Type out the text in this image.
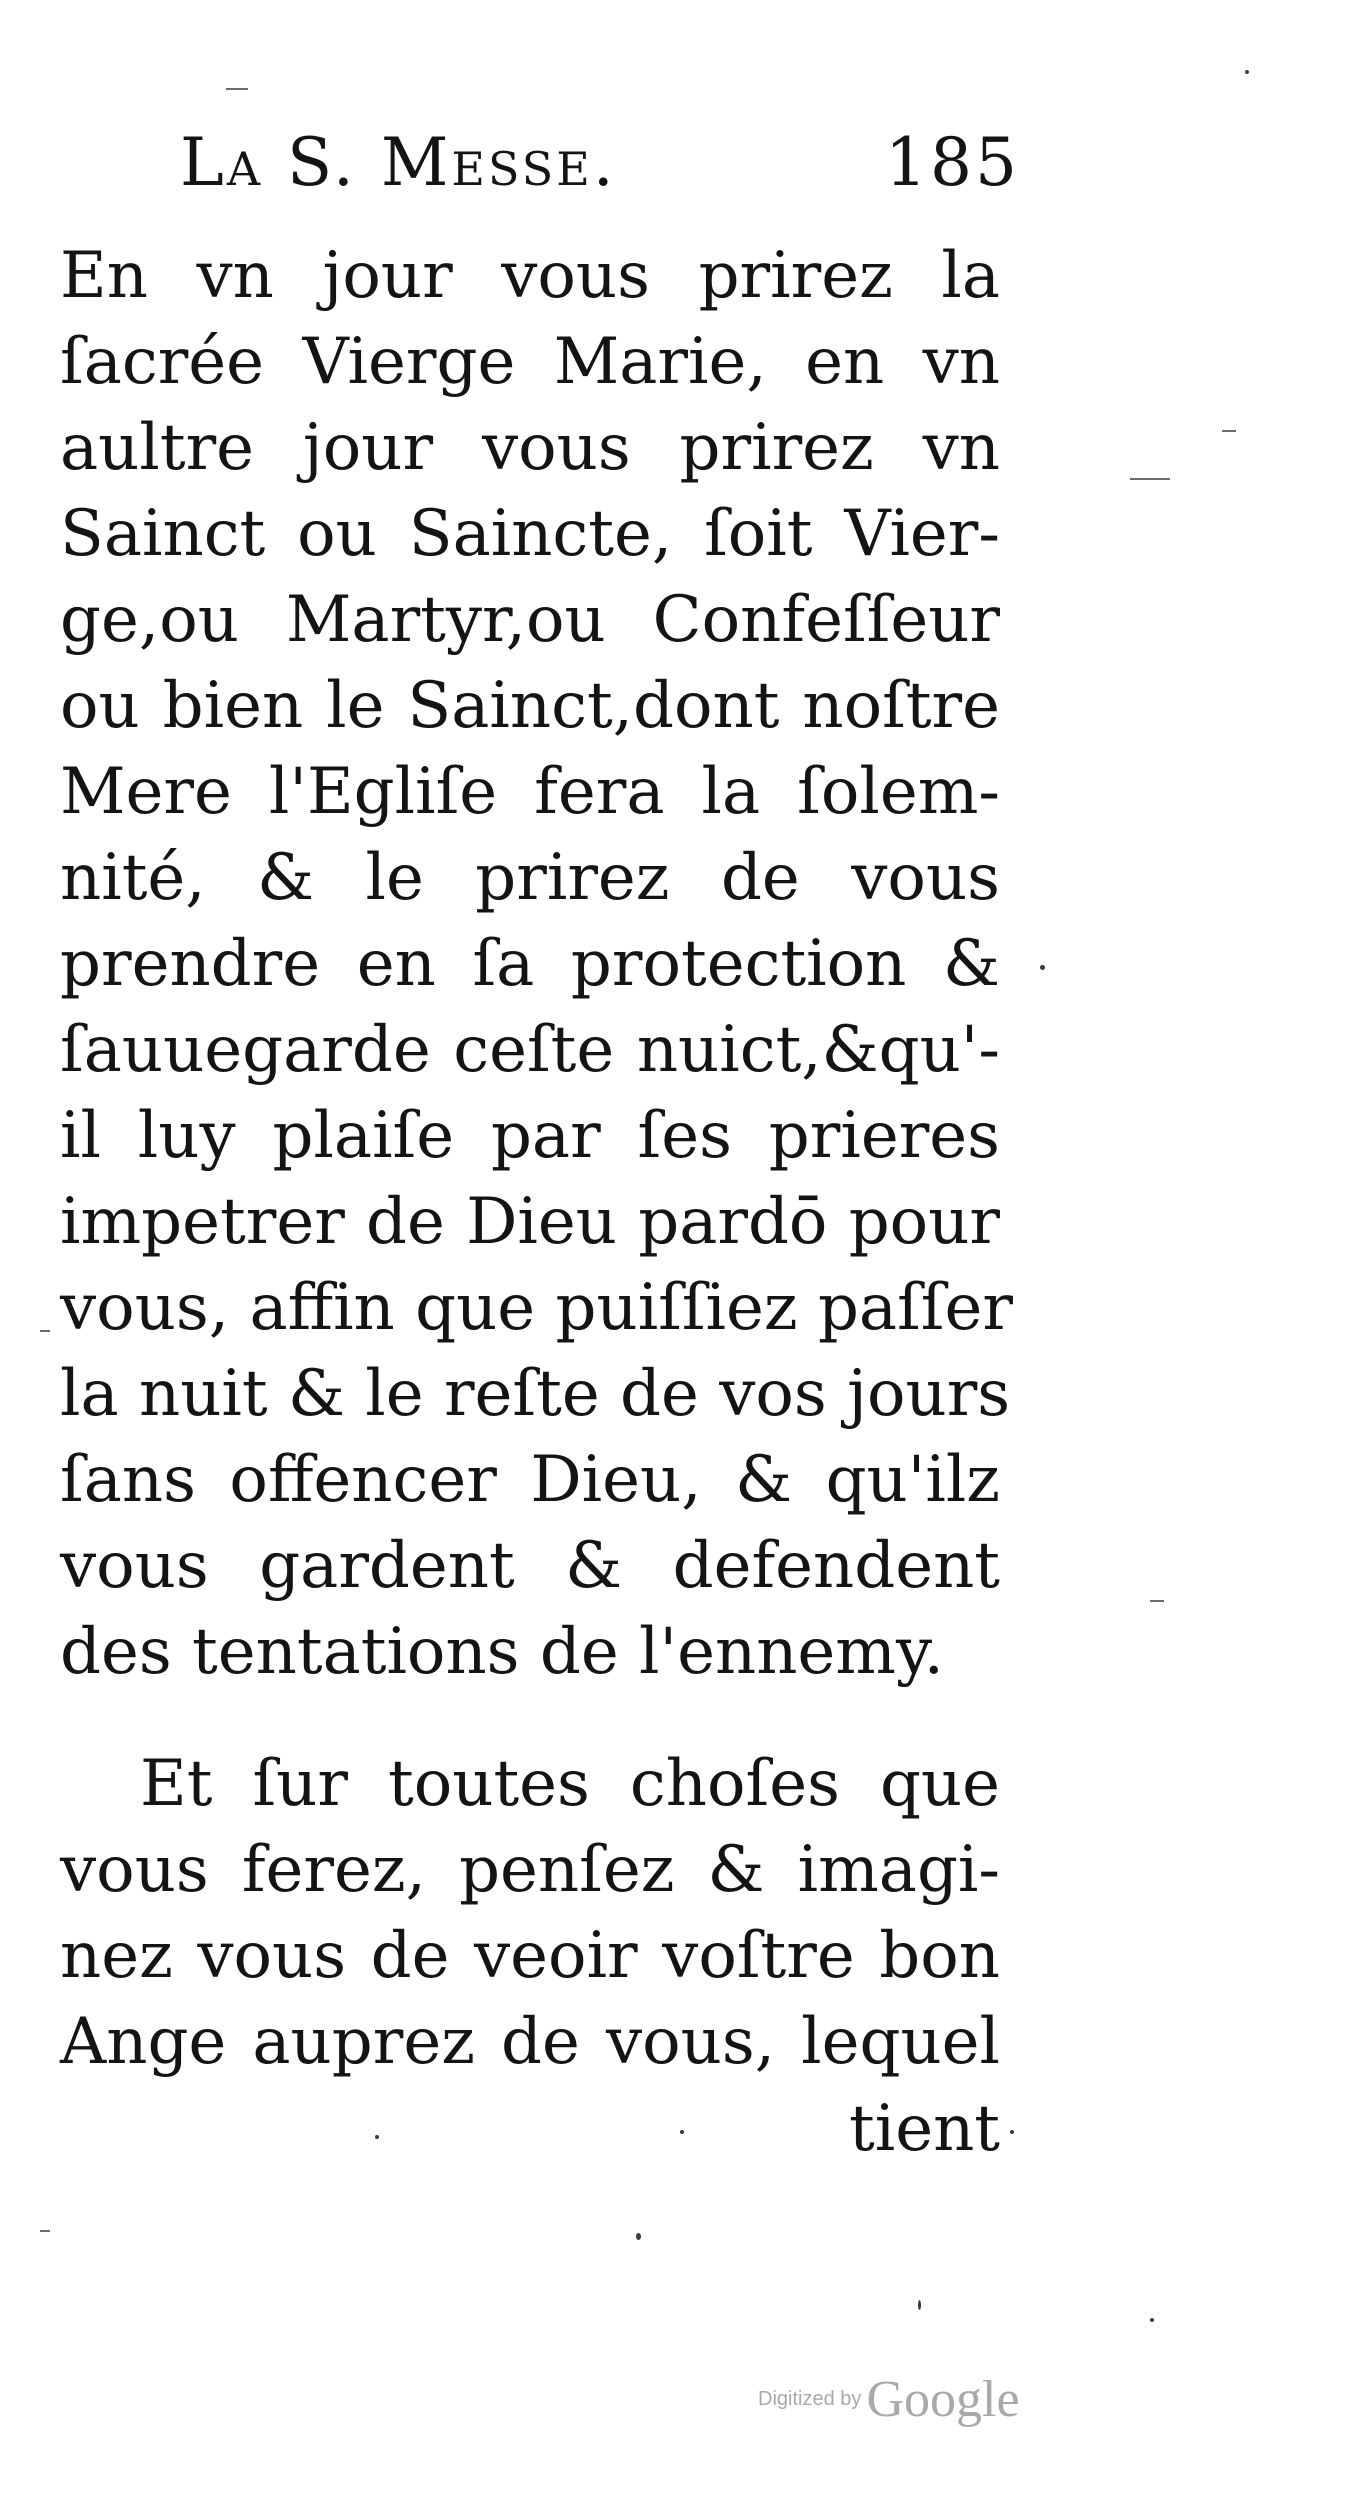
La S. Messe.	185
En vn jour vous prirez la
ſacrée Vierge Marie, en vn
aultre jour vous prirez vn
Sainct ou Saincte, ſoit Vier-
ge,ou Martyr,ou Confeſſeur
ou bien le Sainct,dont noſtre
Mere l'Egliſe fera la ſolem-
nité, & le prirez de vous
prendre en ſa protection &
ſauuegarde ceſte nuict,&qu'-
il luy plaiſe par ſes prieres
impetrer de Dieu pardō pour
vous, affin que puiſſiez paſſer
la nuit & le reſte de vos jours
ſans offencer Dieu, & qu'ilz
vous gardent & defendent
des tentations de l'ennemy.
Et ſur toutes choſes que
vous ferez, penſez & imagi-
nez vous de veoir voſtre bon
Ange auprez de vous, lequel
tient
Digitized by Google
